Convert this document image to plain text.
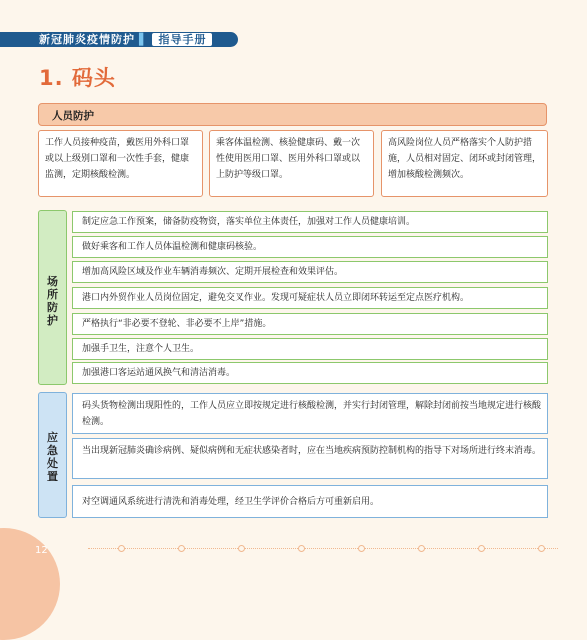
新冠肺炎疫情防护 ▌ 指导手册
1. 码头
人员防护
工作人员接种疫苗，戴医用外科口罩或以上级别口罩和一次性手套，健康监测，定期核酸检测。
乘客体温检测、核验健康码、戴一次性使用医用口罩、医用外科口罩或以上防护等级口罩。
高风险岗位人员严格落实个人防护措施，人员相对固定、闭环或封闭管理，增加核酸检测频次。
场
所
防
护
制定应急工作预案，储备防疫物资，落实单位主体责任，加强对工作人员健康培训。
做好乘客和工作人员体温检测和健康码核验。
增加高风险区域及作业车辆消毒频次、定期开展检查和效果评估。
港口内外贸作业人员岗位固定，避免交叉作业。发现可疑症状人员立即闭环转运至定点医疗机构。
严格执行“非必要不登轮、非必要不上岸”措施。
加强手卫生，注意个人卫生。
加强港口客运站通风换气和清洁消毒。
应
急
处
置
码头货物检测出现阳性的，工作人员应立即按规定进行核酸检测，并实行封闭管理，解除封闭前按当地规定进行核酸检测。
当出现新冠肺炎确诊病例、疑似病例和无症状感染者时，应在当地疾病预防控制机构的指导下对场所进行终末消毒。
对空调通风系统进行清洗和消毒处理，经卫生学评价合格后方可重新启用。
12
